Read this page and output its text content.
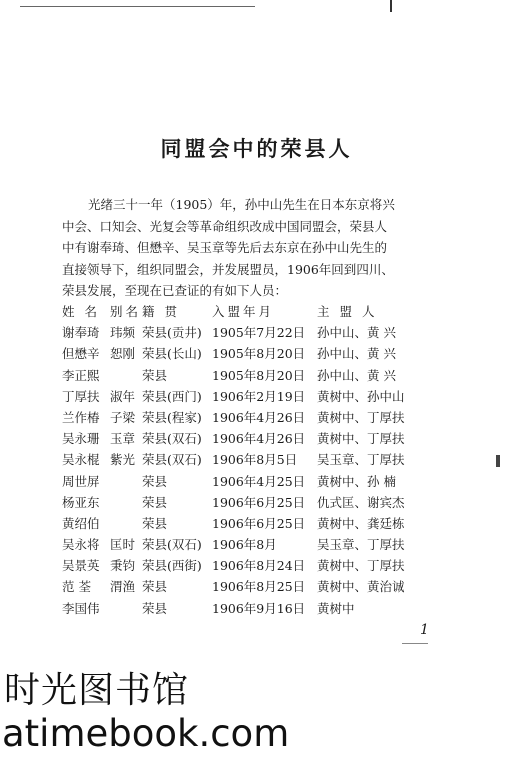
同盟会中的荣县人
光绪三十一年（1905）年，孙中山先生在日本东京将兴
中会、口知会、光复会等革命组织改成中国同盟会，荣县人
中有谢奉琦、但懋辛、吴玉章等先后去东京在孙中山先生的
直接领导下，组织同盟会，并发展盟员，1906年回到四川、
荣县发展，至现在已查证的有如下人员：
姓 名 别名 籍 贯	入盟年月	主 盟 人
谢奉琦 玮频 荣县(贡井) 1905年7月22日 孙中山、黄 兴
但懋辛 恕刚 荣县(长山) 1905年8月20日 孙中山、黄 兴
李正熙	荣县	1905年8月20日 孙中山、黄 兴
丁厚扶 淑年 荣县(西门) 1906年2月19日 黄树中、孙中山
兰作椿 子梁 荣县(程家) 1906年4月26日 黄树中、丁厚扶
吴永珊 玉章 荣县(双石) 1906年4月26日 黄树中、丁厚扶
吴永棍 紫光 荣县(双石) 1906年8月5日	吴玉章、丁厚扶
周世屏	荣县	1906年4月25日 黄树中、孙 楠
杨亚东	荣县	1906年6月25日 仇式匡、谢宾杰
黄绍伯	荣县	1906年6月25日 黄树中、龚廷栋
吴永将 匡时 荣县(双石) 1906年8月	吴玉章、丁厚扶
吴景英 秉钧 荣县(西街) 1906年8月24日 黄树中、丁厚扶
范 荃	渭渔 荣县	1906年8月25日 黄树中、黄治诚
李国伟	荣县	1906年9月16日 黄树中
1
时光图书馆
atimebook.com
